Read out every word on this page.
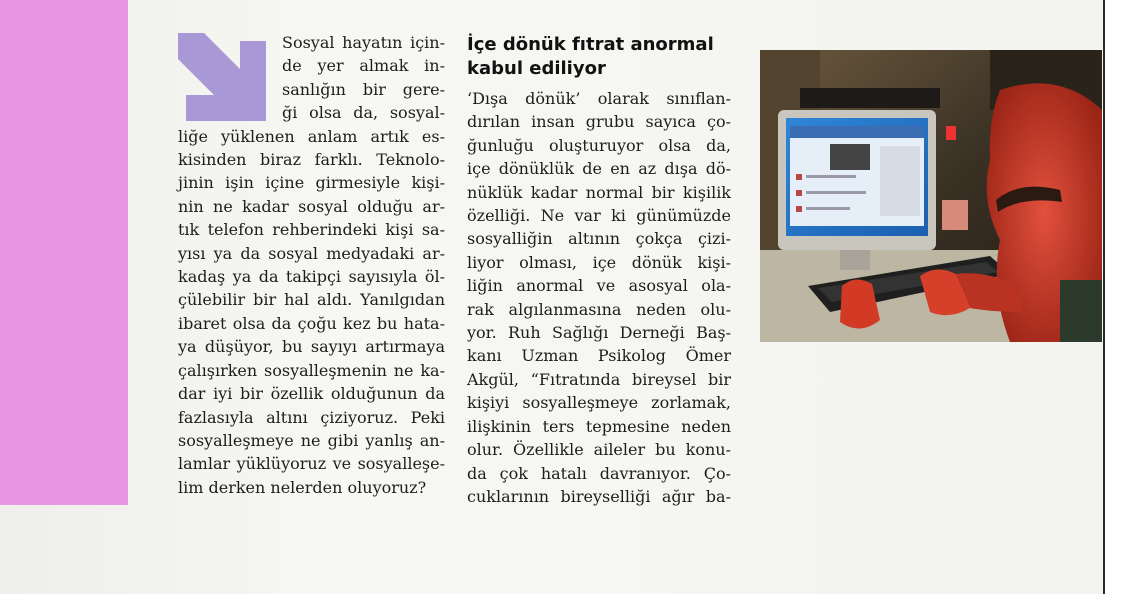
Sosyal hayatın için-
de yer almak in-
sanlığın bir gere-
ği olsa da, sosyal-
liğe yüklenen anlam artık es-
kisinden biraz farklı. Teknolo-
jinin işin içine girmesiyle kişi-
nin ne kadar sosyal olduğu ar-
tık telefon rehberindeki kişi sa-
yısı ya da sosyal medyadaki ar-
kadaş ya da takipçi sayısıyla öl-
çülebilir bir hal aldı. Yanılgıdan
ibaret olsa da çoğu kez bu hata-
ya düşüyor, bu sayıyı artırmaya
çalışırken sosyalleşmenin ne ka-
dar iyi bir özellik olduğunun da
fazlasıyla altını çiziyoruz. Peki
sosyalleşmeye ne gibi yanlış an-
lamlar yüklüyoruz ve sosyalleşe-
lim derken nelerden oluyoruz?
İçe dönük fıtrat anormal
kabul ediliyor
‘Dışa dönük’ olarak sınıflan-
dırılan insan grubu sayıca ço-
ğunluğu oluşturuyor olsa da,
içe dönüklük de en az dışa dö-
nüklük kadar normal bir kişilik
özelliği. Ne var ki günümüzde
sosyalliğin altının çokça çizi-
liyor olması, içe dönük kişi-
liğin anormal ve asosyal ola-
rak algılanmasına neden olu-
yor. Ruh Sağlığı Derneği Baş-
kanı Uzman Psikolog Ömer
Akgül, “Fıtratında bireysel bir
kişiyi sosyalleşmeye zorlamak,
ilişkinin ters tepmesine neden
olur. Özellikle aileler bu konu-
da çok hatalı davranıyor. Ço-
cuklarının bireyselliği ağır ba-
